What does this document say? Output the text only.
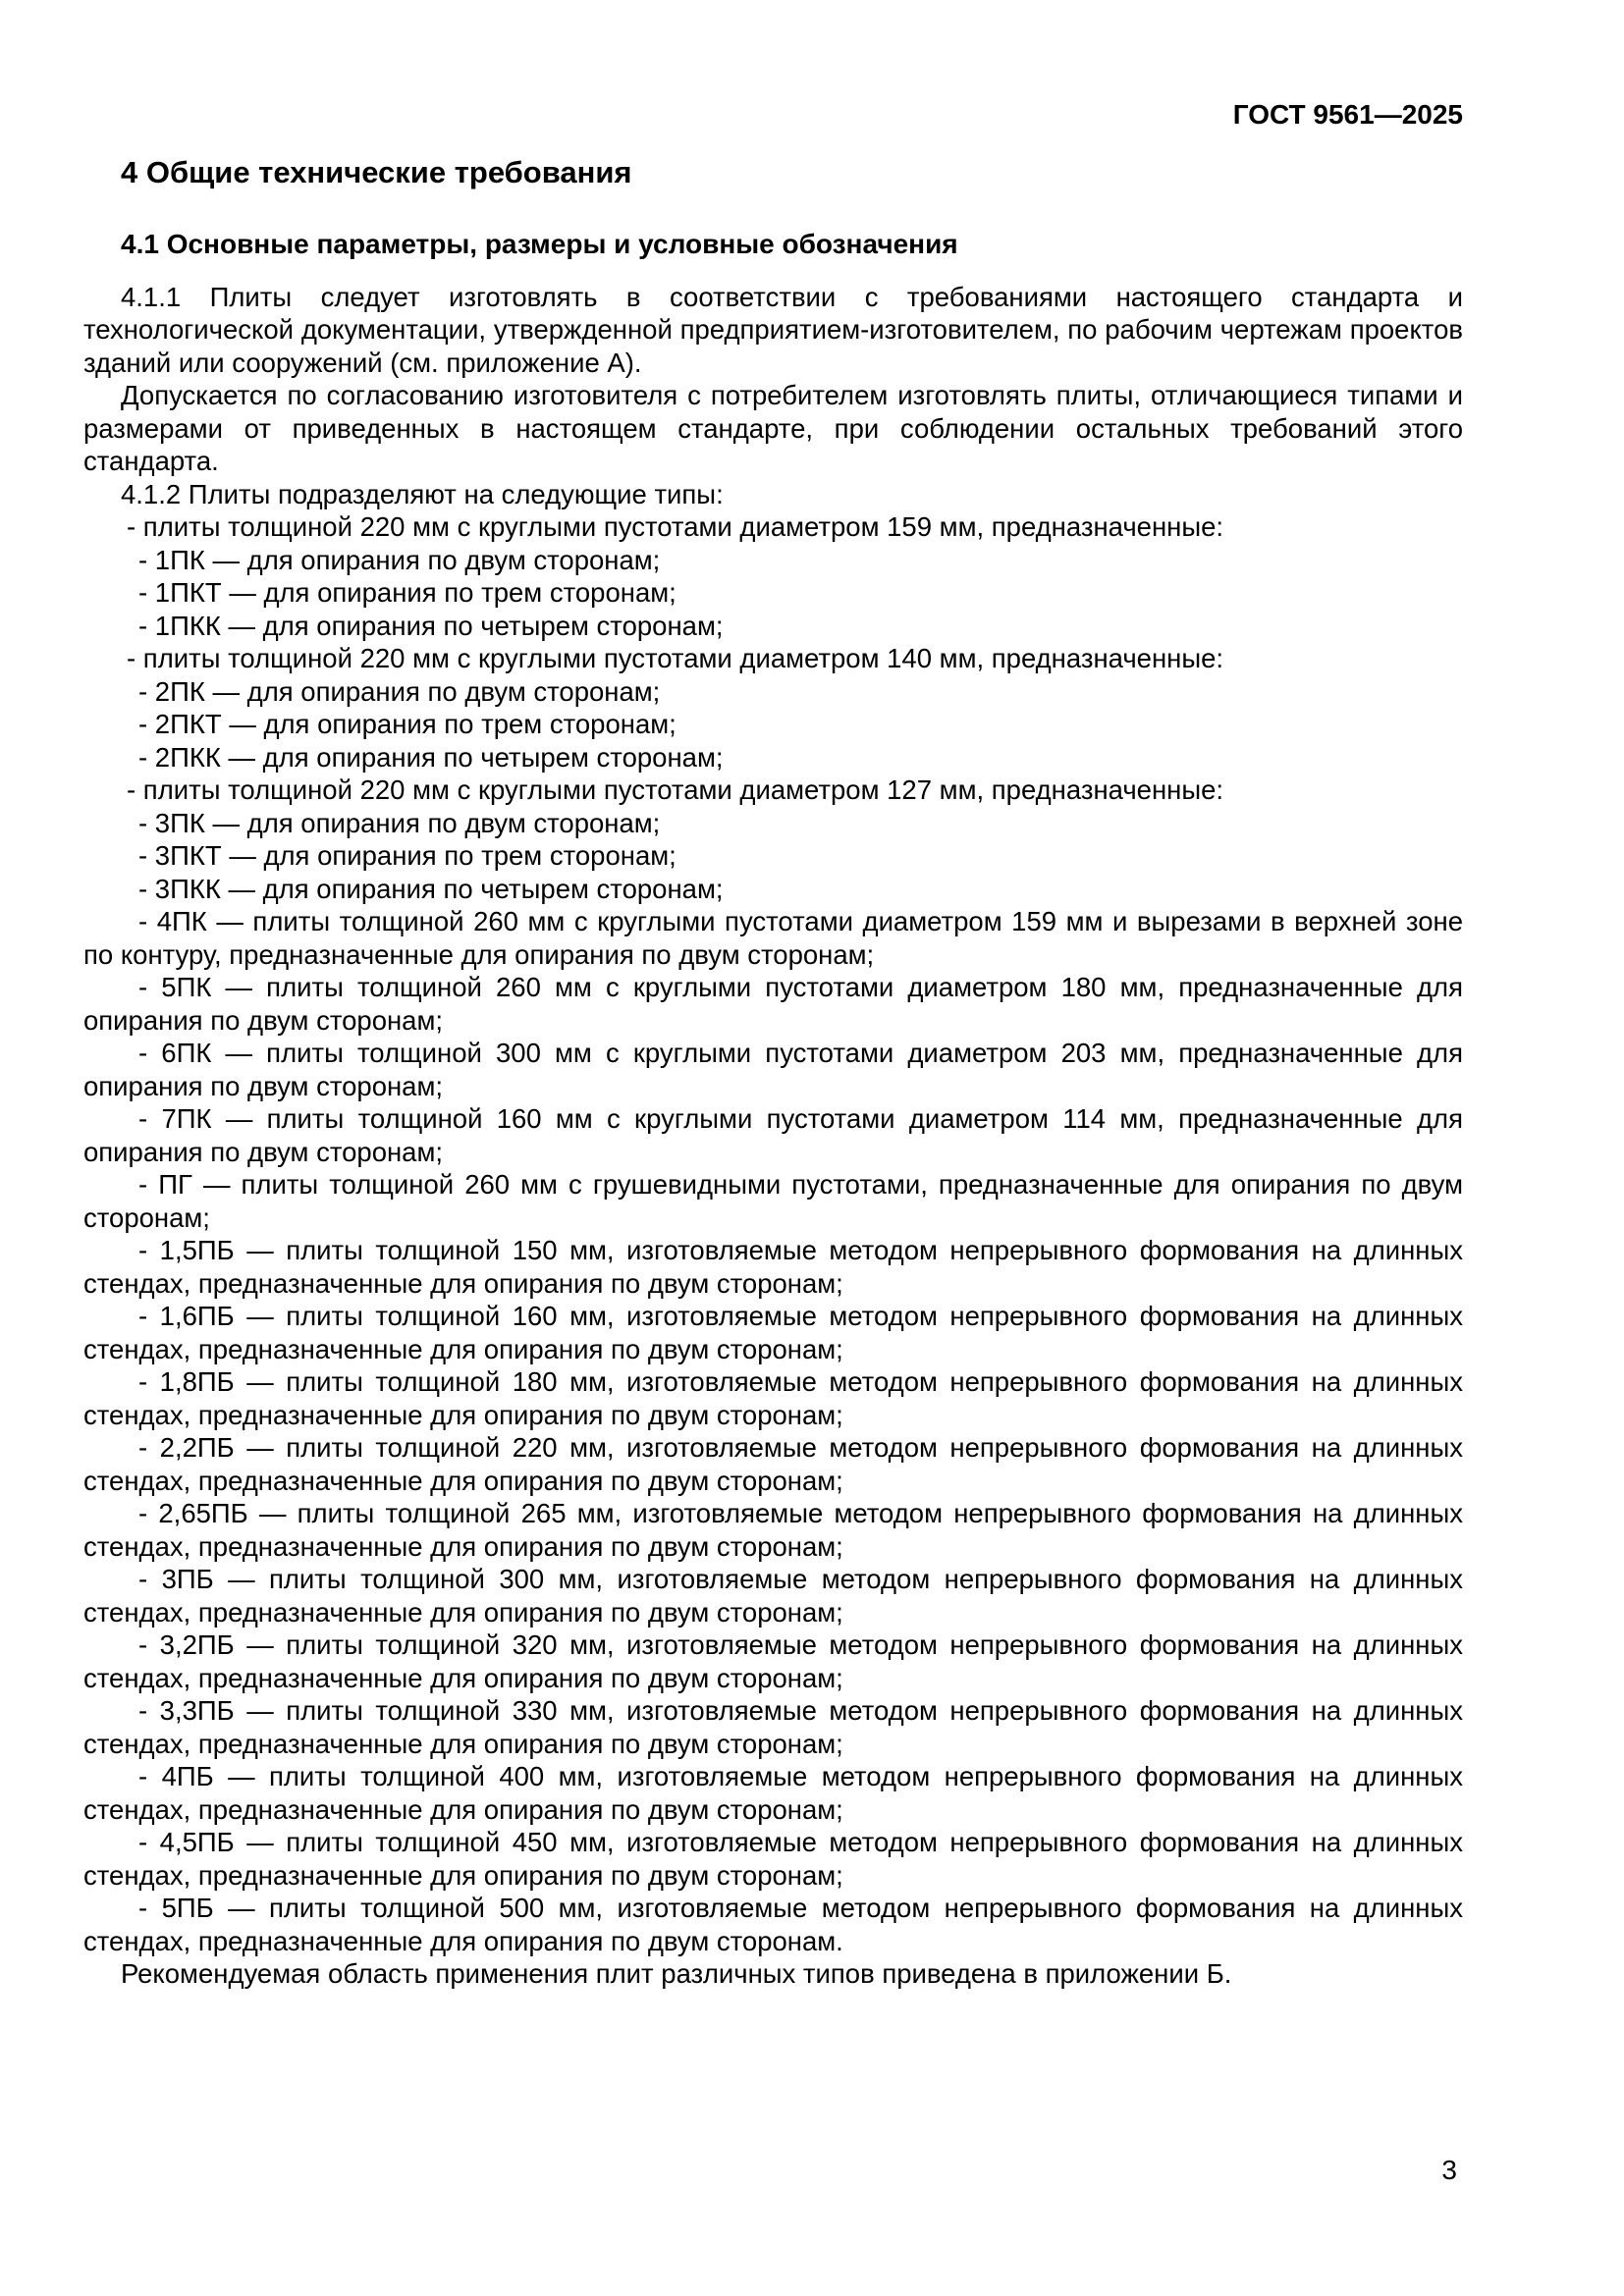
ГОСТ 9561—2025
4 Общие технические требования
4.1 Основные параметры, размеры и условные обозначения

4.1.1 Плиты следует изготовлять в соответствии с требованиями настоящего стандарта и технологической документации, утвержденной предприятием-изготовителем, по рабочим чертежам проектов зданий или сооружений (см. приложение А).

Допускается по согласованию изготовителя с потребителем изготовлять плиты, отличающиеся типами и размерами от приведенных в настоящем стандарте, при соблюдении остальных требований этого стандарта.

4.1.2 Плиты подразделяют на следующие типы:

- плиты толщиной 220 мм с круглыми пустотами диаметром 159 мм, предназначенные:

- 1ПК — для опирания по двум сторонам;

- 1ПКТ — для опирания по трем сторонам;

- 1ПКК — для опирания по четырем сторонам;

- плиты толщиной 220 мм с круглыми пустотами диаметром 140 мм, предназначенные:

- 2ПК — для опирания по двум сторонам;

- 2ПКТ — для опирания по трем сторонам;

- 2ПКК — для опирания по четырем сторонам;

- плиты толщиной 220 мм с круглыми пустотами диаметром 127 мм, предназначенные:

- 3ПК — для опирания по двум сторонам;

- 3ПКТ — для опирания по трем сторонам;

- 3ПКК — для опирания по четырем сторонам;

- 4ПК — плиты толщиной 260 мм с круглыми пустотами диаметром 159 мм и вырезами в верхней зоне по контуру, предназначенные для опирания по двум сторонам;

- 5ПК — плиты толщиной 260 мм с круглыми пустотами диаметром 180 мм, предназначенные для опирания по двум сторонам;

- 6ПК — плиты толщиной 300 мм с круглыми пустотами диаметром 203 мм, предназначенные для опирания по двум сторонам;

- 7ПК — плиты толщиной 160 мм с круглыми пустотами диаметром 114 мм, предназначенные для опирания по двум сторонам;

- ПГ — плиты толщиной 260 мм с грушевидными пустотами, предназначенные для опирания по двум сторонам;

- 1,5ПБ — плиты толщиной 150 мм, изготовляемые методом непрерывного формования на длинных стендах, предназначенные для опирания по двум сторонам;

- 1,6ПБ — плиты толщиной 160 мм, изготовляемые методом непрерывного формования на длинных стендах, предназначенные для опирания по двум сторонам;

- 1,8ПБ — плиты толщиной 180 мм, изготовляемые методом непрерывного формования на длинных стендах, предназначенные для опирания по двум сторонам;

- 2,2ПБ — плиты толщиной 220 мм, изготовляемые методом непрерывного формования на длинных стендах, предназначенные для опирания по двум сторонам;

- 2,65ПБ — плиты толщиной 265 мм, изготовляемые методом непрерывного формования на длинных стендах, предназначенные для опирания по двум сторонам;

- 3ПБ — плиты толщиной 300 мм, изготовляемые методом непрерывного формования на длинных стендах, предназначенные для опирания по двум сторонам;

- 3,2ПБ — плиты толщиной 320 мм, изготовляемые методом непрерывного формования на длинных стендах, предназначенные для опирания по двум сторонам;

- 3,3ПБ — плиты толщиной 330 мм, изготовляемые методом непрерывного формования на длинных стендах, предназначенные для опирания по двум сторонам;

- 4ПБ — плиты толщиной 400 мм, изготовляемые методом непрерывного формования на длинных стендах, предназначенные для опирания по двум сторонам;

- 4,5ПБ — плиты толщиной 450 мм, изготовляемые методом непрерывного формования на длинных стендах, предназначенные для опирания по двум сторонам;

- 5ПБ — плиты толщиной 500 мм, изготовляемые методом непрерывного формования на длинных стендах, предназначенные для опирания по двум сторонам.

Рекомендуемая область применения плит различных типов приведена в приложении Б.

3
